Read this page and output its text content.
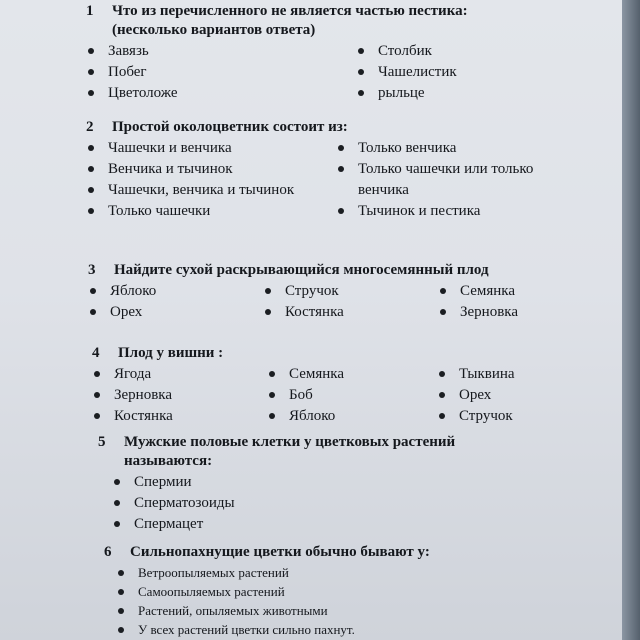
1 Что из перечисленного не является частью пестика:(несколько вариантов ответа)
Завязь
Побег
Цветоложе
Столбик
Чашелистик
рыльце
2 Простой околоцветник состоит из:
Чашечки и венчика
Венчика и тычинок
Чашечки, венчика и тычинок
Только чашечки
Только венчика
Только чашечки или только венчика
Тычинок и пестика
3 Найдите сухой раскрывающийся многосемянный плод
Яблоко
Орех
Стручок
Костянка
Семянка
Зерновка
4 Плод у вишни :
Ягода
Зерновка
Костянка
Семянка
Боб
Яблоко
Тыквина
Орех
Стручок
5 Мужские половые клетки у цветковых растений называются:
Спермии
Сперматозоиды
Спермацет
6 Сильнопахнущие цветки обычно бывают у:
Ветроопыляемых растений
Самоопыляемых растений
Растений, опыляемых животными
У всех растений цветки сильно пахнут.
